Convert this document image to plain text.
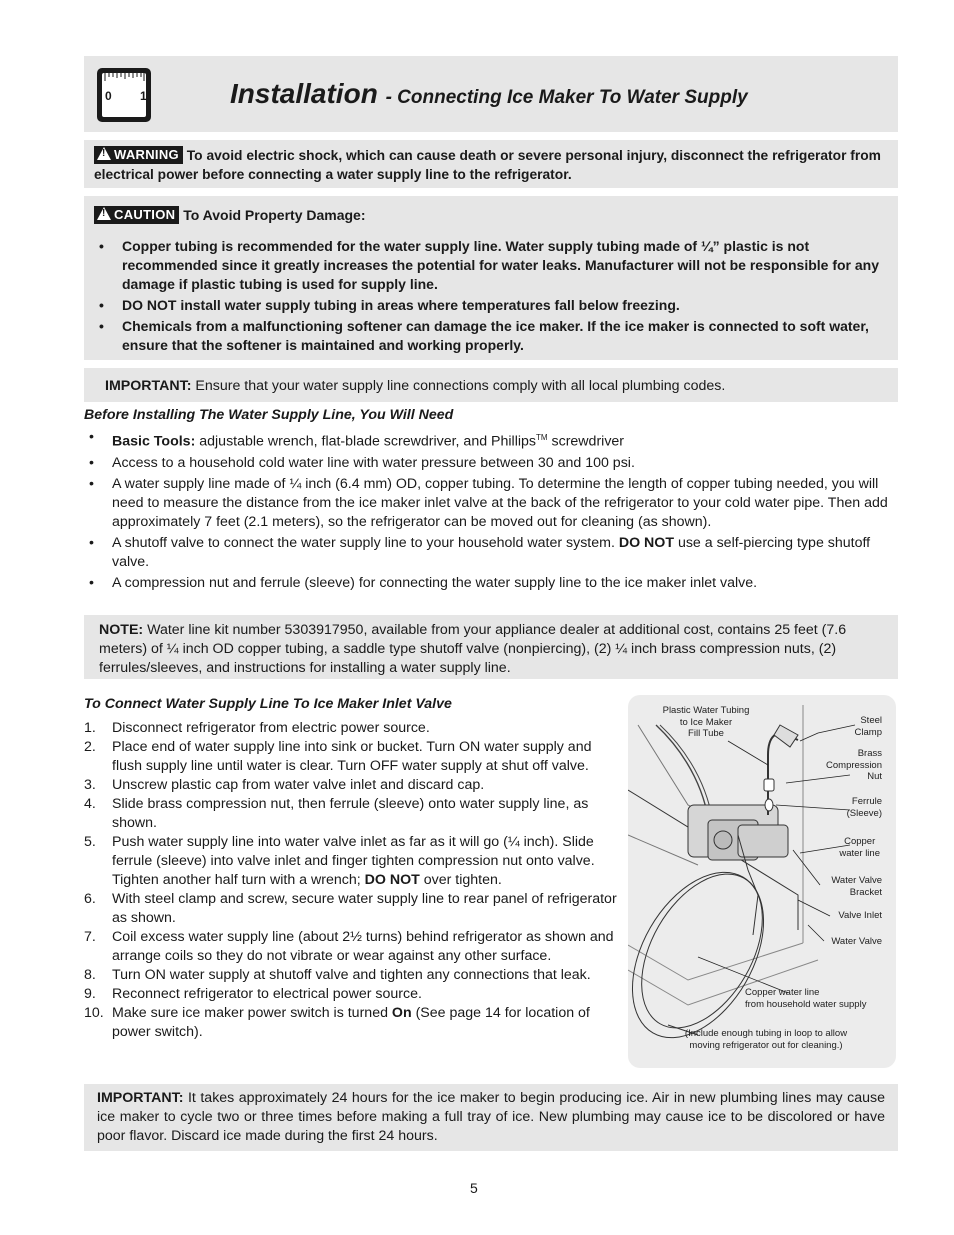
0 1	Installation - Connecting Ice Maker To Water Supply
! WARNING To avoid electric shock, which can cause death or severe personal injury, disconnect the refrigerator from electrical power before connecting a water supply line to the refrigerator.
! CAUTION To Avoid Property Damage:
• Copper tubing is recommended for the water supply line. Water supply tubing made of ¼” plastic is not recommended since it greatly increases the potential for water leaks. Manufacturer will not be responsible for any damage if plastic tubing is used for supply line.
• DO NOT install water supply tubing in areas where temperatures fall below freezing.
• Chemicals from a malfunctioning softener can damage the ice maker. If the ice maker is connected to soft water, ensure that the softener is maintained and working properly.
IMPORTANT: Ensure that your water supply line connections comply with all local plumbing codes.
Before Installing The Water Supply Line, You Will Need
• Basic Tools: adjustable wrench, flat-blade screwdriver, and Phillips™ screwdriver
• Access to a household cold water line with water pressure between 30 and 100 psi.
• A water supply line made of ¼ inch (6.4 mm) OD, copper tubing. To determine the length of copper tubing needed, you will need to measure the distance from the ice maker inlet valve at the back of the refrigerator to your cold water pipe. Then add approximately 7 feet (2.1 meters), so the refrigerator can be moved out for cleaning (as shown).
• A shutoff valve to connect the water supply line to your household water system. DO NOT use a self-piercing type shutoff valve.
• A compression nut and ferrule (sleeve) for connecting the water supply line to the ice maker inlet valve.
NOTE: Water line kit number 5303917950, available from your appliance dealer at additional cost, contains 25 feet (7.6 meters) of ¼ inch OD copper tubing, a saddle type shutoff valve (nonpiercing), (2) ¼ inch brass compression nuts, (2) ferrules/sleeves, and instructions for installing a water supply line.
To Connect Water Supply Line To Ice Maker Inlet Valve
1.	Disconnect refrigerator from electric power source.
2.	Place end of water supply line into sink or bucket. Turn ON water supply and flush supply line until water is clear. Turn OFF water supply at shut off valve.
3.	Unscrew plastic cap from water valve inlet and discard cap.
4.	Slide brass compression nut, then ferrule (sleeve) onto water supply line, as shown.
5.	Push water supply line into water valve inlet as far as it will go (¼ inch). Slide ferrule (sleeve) into valve inlet and finger tighten compression nut onto valve. Tighten another half turn with a wrench; DO NOT over tighten.
6.	With steel clamp and screw, secure water supply line to rear panel of refrigerator as shown.
7.	Coil excess water supply line (about 2½ turns) behind refrigerator as shown and arrange coils so they do not vibrate or wear against any other surface.
8.	Turn ON water supply at shutoff valve and tighten any connections that leak.
9.	Reconnect refrigerator to electrical power source.
10. Make sure ice maker power switch is turned On (See page 14 for location of power switch).
Plastic Water Tubing
to Ice Maker
Fill Tube
Steel
Clamp
Brass
Compression
Nut
Ferrule
(Sleeve)
Copper
water line
Water Valve
Bracket
Valve Inlet
Water Valve
Copper water line
from household water supply
(Include enough tubing in loop to allow
moving refrigerator out for cleaning.)
IMPORTANT: It takes approximately 24 hours for the ice maker to begin producing ice. Air in new plumbing lines may cause ice maker to cycle two or three times before making a full tray of ice. New plumbing may cause ice to be discolored or have poor flavor. Discard ice made during the first 24 hours.
5
